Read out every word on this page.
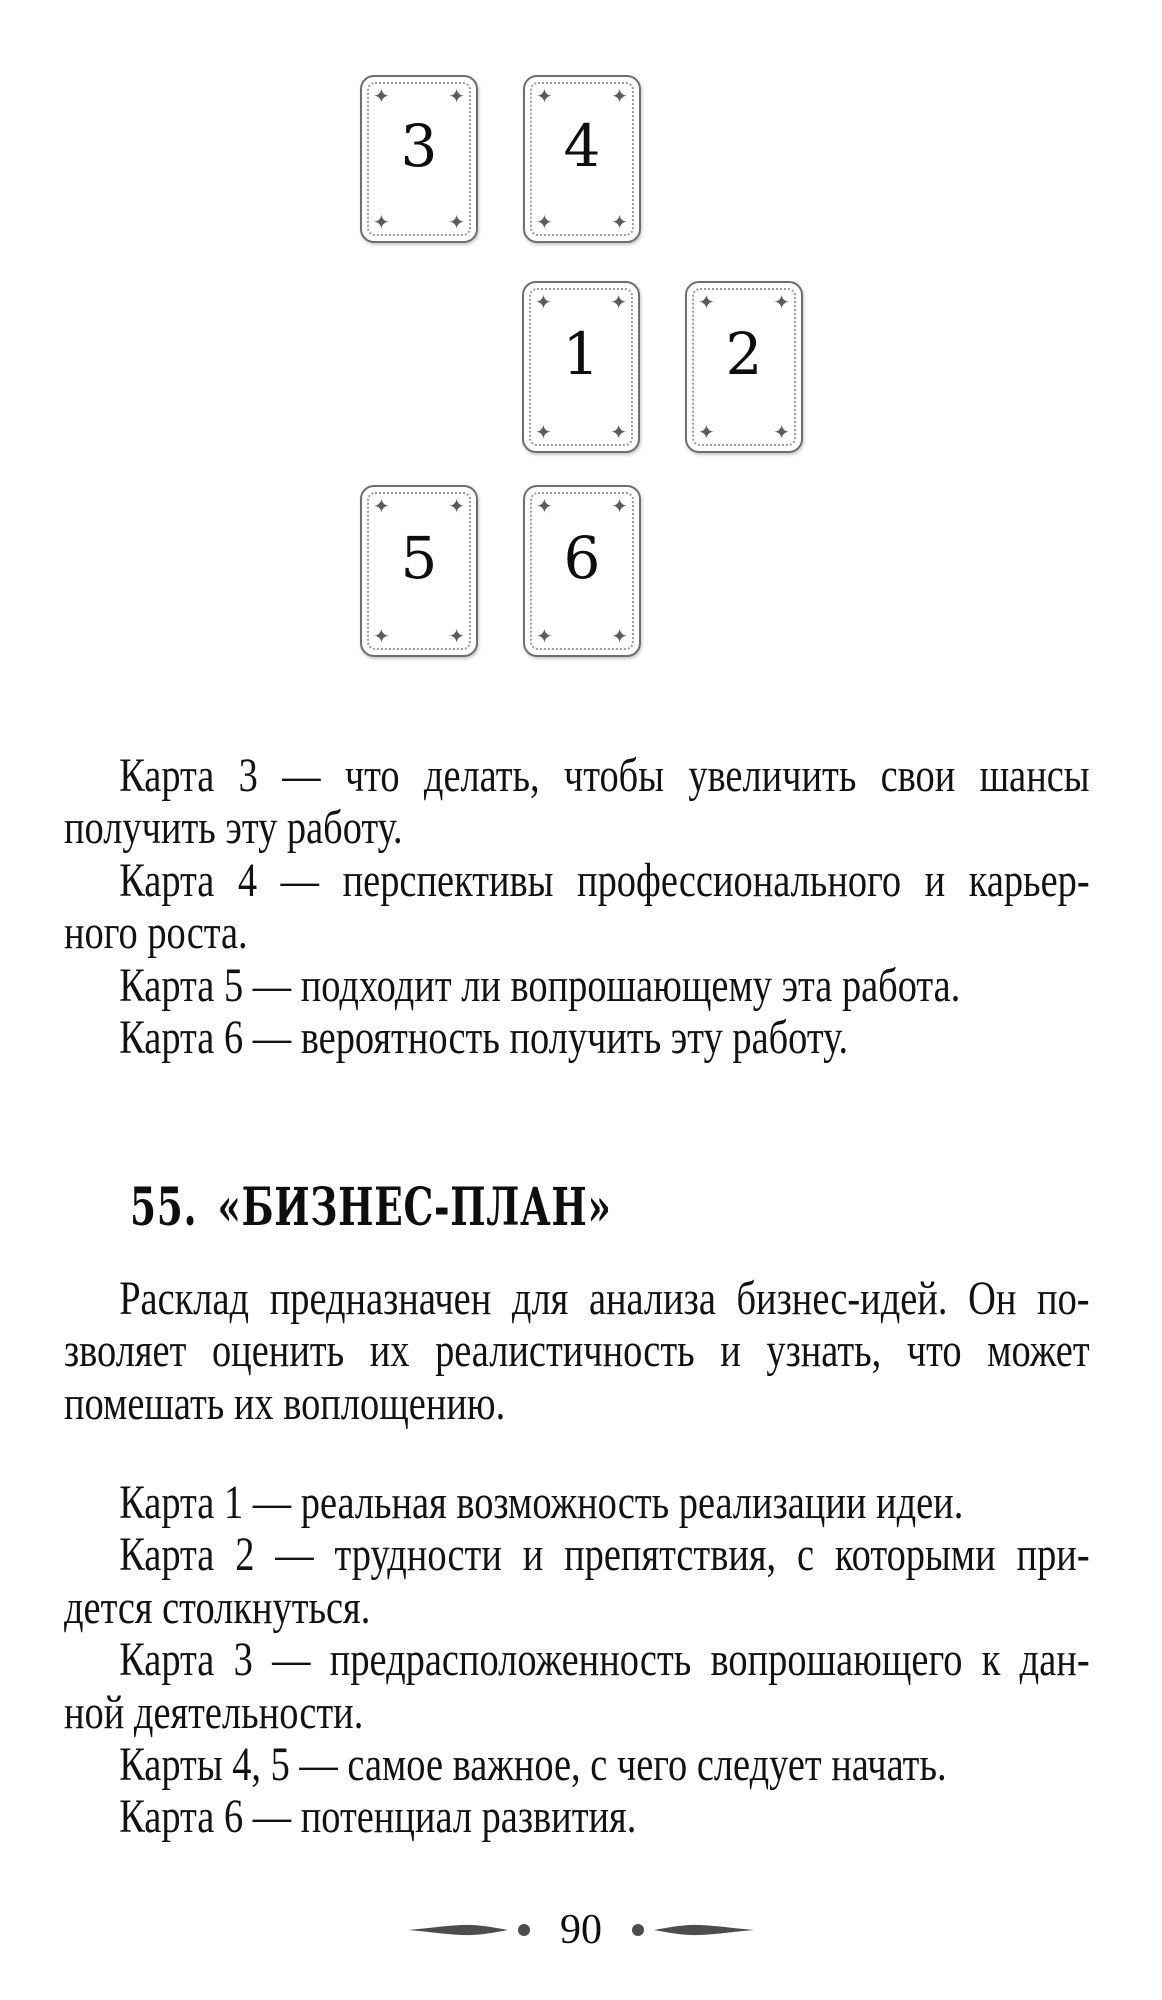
✦	✦
✦	✦
3
✦	✦
✦	✦
4
✦	✦
✦	✦
1
✦	✦
✦	✦
2
✦	✦
✦	✦
5
✦	✦
✦	✦
6
Карта 3 — что делать, чтобы увеличить свои шансы
получить эту работу.
Карта 4 — перспективы профессионального и карьер-
ного роста.
Карта 5 — подходит ли вопрошающему эта работа.
Карта 6 — вероятность получить эту работу.
55. «БИЗНЕС-ПЛАН»
Расклад предназначен для анализа бизнес-идей. Он по-
зволяет оценить их реалистичность и узнать, что может
помешать их воплощению.
Карта 1 — реальная возможность реализации идеи.
Карта 2 — трудности и препятствия, с которыми при-
дется столкнуться.
Карта 3 — предрасположенность вопрошающего к дан-
ной деятельности.
Карты 4, 5 — самое важное, с чего следует начать.
Карта 6 — потенциал развития.
90
